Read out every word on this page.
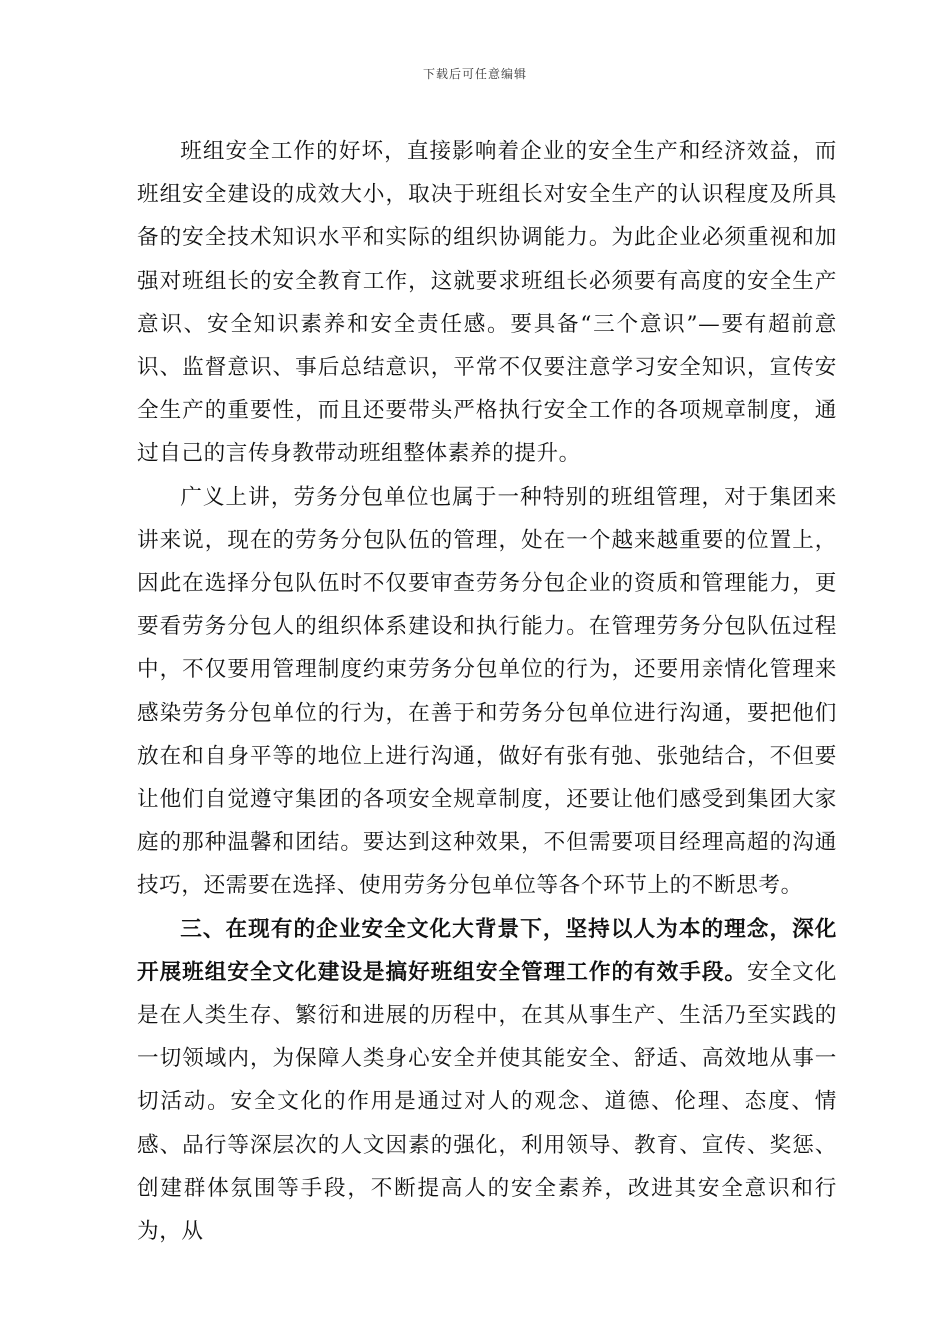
下载后可任意编辑

班组安全工作的好坏，直接影响着企业的安全生产和经济效益，而班组安全建设的成效大小，取决于班组长对安全生产的认识程度及所具备的安全技术知识水平和实际的组织协调能力。为此企业必须重视和加强对班组长的安全教育工作，这就要求班组长必须要有高度的安全生产意识、安全知识素养和安全责任感。要具备“三个意识”—要有超前意识、监督意识、事后总结意识，平常不仅要注意学习安全知识，宣传安全生产的重要性，而且还要带头严格执行安全工作的各项规章制度，通过自己的言传身教带动班组整体素养的提升。

广义上讲，劳务分包单位也属于一种特别的班组管理，对于集团来讲来说，现在的劳务分包队伍的管理，处在一个越来越重要的位置上，因此在选择分包队伍时不仅要审查劳务分包企业的资质和管理能力，更要看劳务分包人的组织体系建设和执行能力。在管理劳务分包队伍过程中，不仅要用管理制度约束劳务分包单位的行为，还要用亲情化管理来感染劳务分包单位的行为，在善于和劳务分包单位进行沟通，要把他们放在和自身平等的地位上进行沟通，做好有张有弛、张弛结合，不但要让他们自觉遵守集团的各项安全规章制度，还要让他们感受到集团大家庭的那种温馨和团结。要达到这种效果，不但需要项目经理高超的沟通技巧，还需要在选择、使用劳务分包单位等各个环节上的不断思考。

三、在现有的企业安全文化大背景下，坚持以人为本的理念，深化开展班组安全文化建设是搞好班组安全管理工作的有效手段。安全文化是在人类生存、繁衍和进展的历程中，在其从事生产、生活乃至实践的一切领域内，为保障人类身心安全并使其能安全、舒适、高效地从事一切活动。安全文化的作用是通过对人的观念、道德、伦理、态度、情感、品行等深层次的人文因素的强化，利用领导、教育、宣传、奖惩、创建群体氛围等手段，不断提高人的安全素养，改进其安全意识和行为，从
